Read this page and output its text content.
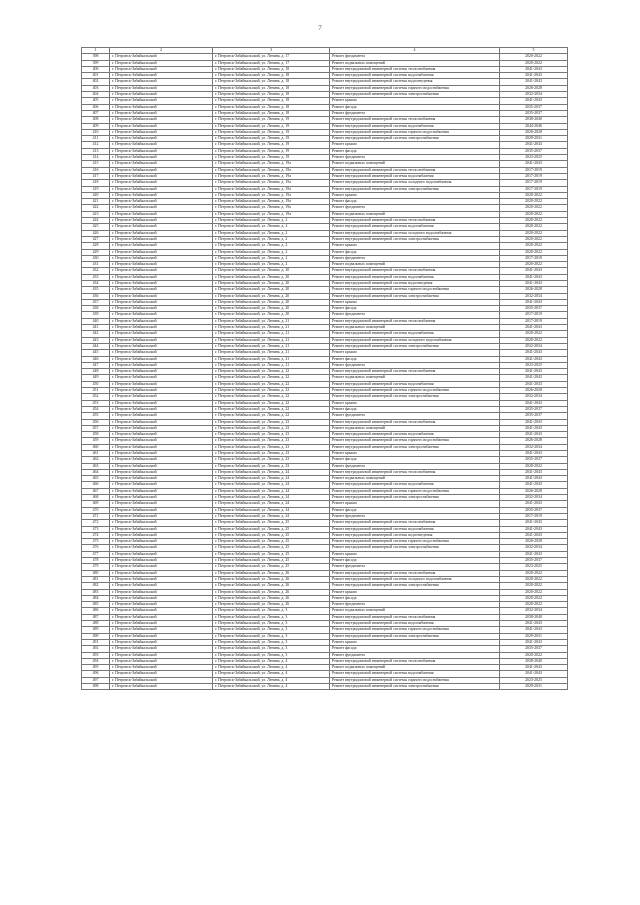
7
1	2	3	4	5
398	г. Петровск-Забайкальский	г. Петровск-Забайкальский, ул. Ленина, д. 17	Ремонт фундамента	2020-2022
399	г. Петровск-Забайкальский	г. Петровск-Забайкальский, ул. Ленина, д. 17	Ремонт подвальных помещений	2020-2022
400	г. Петровск-Забайкальский	г. Петровск-Забайкальский, ул. Ленина, д. 18	Ремонт внутридомовой инженерной системы теплоснабжения	2041-2043
401	г. Петровск-Забайкальский	г. Петровск-Забайкальский, ул. Ленина, д. 18	Ремонт внутридомовой инженерной системы водоснабжения	2041-2043
402	г. Петровск-Забайкальский	г. Петровск-Забайкальский, ул. Ленина, д. 18	Ремонт внутридомовой инженерной системы водоотведения	2041-2043
403	г. Петровск-Забайкальский	г. Петровск-Забайкальский, ул. Ленина, д. 18	Ремонт внутридомовой инженерной системы горячего водоснабжения	2026-2028
404	г. Петровск-Забайкальский	г. Петровск-Забайкальский, ул. Ленина, д. 18	Ремонт внутридомовой инженерной системы электроснабжения	2032-2034
405	г. Петровск-Забайкальский	г. Петровск-Забайкальский, ул. Ленина, д. 18	Ремонт крыши	2041-2043
406	г. Петровск-Забайкальский	г. Петровск-Забайкальский, ул. Ленина, д. 18	Ремонт фасада	2035-2037
407	г. Петровск-Забайкальский	г. Петровск-Забайкальский, ул. Ленина, д. 18	Ремонт фундамента	2035-2037
408	г. Петровск-Забайкальский	г. Петровск-Забайкальский, ул. Ленина, д. 19	Ремонт внутридомовой инженерной системы теплоснабжения	2038-2040
409	г. Петровск-Забайкальский	г. Петровск-Забайкальский, ул. Ленина, д. 19	Ремонт внутридомовой инженерной системы водоснабжения	2044-2046
410	г. Петровск-Забайкальский	г. Петровск-Забайкальский, ул. Ленина, д. 19	Ремонт внутридомовой инженерной системы горячего водоснабжения	2026-2028
411	г. Петровск-Забайкальский	г. Петровск-Забайкальский, ул. Ленина, д. 19	Ремонт внутридомовой инженерной системы электроснабжения	2029-2031
412	г. Петровск-Забайкальский	г. Петровск-Забайкальский, ул. Ленина, д. 19	Ремонт крыши	2041-2043
413	г. Петровск-Забайкальский	г. Петровск-Забайкальский, ул. Ленина, д. 19	Ремонт фасада	2035-2037
414	г. Петровск-Забайкальский	г. Петровск-Забайкальский, ул. Ленина, д. 19	Ремонт фундамента	2023-2025
415	г. Петровск-Забайкальский	г. Петровск-Забайкальский, ул. Ленина, д. 19а	Ремонт подвальных помещений	2041-2043
416	г. Петровск-Забайкальский	г. Петровск-Забайкальский, ул. Ленина, д. 19а	Ремонт внутридомовой инженерной системы теплоснабжения	2017-2019
417	г. Петровск-Забайкальский	г. Петровск-Забайкальский, ул. Ленина, д. 19а	Ремонт внутридомовой инженерной системы водоснабжения	2017-2019
418	г. Петровск-Забайкальский	г. Петровск-Забайкальский, ул. Ленина, д. 19а	Ремонт внутридомовой инженерной системы холодного водоснабжения	2017-2019
419	г. Петровск-Забайкальский	г. Петровск-Забайкальский, ул. Ленина, д. 19а	Ремонт внутридомовой инженерной системы электроснабжения	2017-2019
420	г. Петровск-Забайкальский	г. Петровск-Забайкальский, ул. Ленина, д. 19а	Ремонт крыши	2020-2022
421	г. Петровск-Забайкальский	г. Петровск-Забайкальский, ул. Ленина, д. 19а	Ремонт фасада	2020-2022
422	г. Петровск-Забайкальский	г. Петровск-Забайкальский, ул. Ленина, д. 19а	Ремонт фундамента	2020-2022
423	г. Петровск-Забайкальский	г. Петровск-Забайкальский, ул. Ленина, д. 19а	Ремонт подвальных помещений	2020-2022
424	г. Петровск-Забайкальский	г. Петровск-Забайкальский, ул. Ленина, д. 2	Ремонт внутридомовой инженерной системы теплоснабжения	2020-2022
425	г. Петровск-Забайкальский	г. Петровск-Забайкальский, ул. Ленина, д. 2	Ремонт внутридомовой инженерной системы водоснабжения	2020-2022
426	г. Петровск-Забайкальский	г. Петровск-Забайкальский, ул. Ленина, д. 2	Ремонт внутридомовой инженерной системы холодного водоснабжения	2020-2022
427	г. Петровск-Забайкальский	г. Петровск-Забайкальский, ул. Ленина, д. 2	Ремонт внутридомовой инженерной системы электроснабжения	2020-2022
428	г. Петровск-Забайкальский	г. Петровск-Забайкальский, ул. Ленина, д. 2	Ремонт крыши	2020-2022
429	г. Петровск-Забайкальский	г. Петровск-Забайкальский, ул. Ленина, д. 2	Ремонт фасада	2020-2022
430	г. Петровск-Забайкальский	г. Петровск-Забайкальский, ул. Ленина, д. 2	Ремонт фундамента	2017-2019
431	г. Петровск-Забайкальский	г. Петровск-Забайкальский, ул. Ленина, д. 2	Ремонт подвальных помещений	2020-2022
432	г. Петровск-Забайкальский	г. Петровск-Забайкальский, ул. Ленина, д. 20	Ремонт внутридомовой инженерной системы теплоснабжения	2041-2043
433	г. Петровск-Забайкальский	г. Петровск-Забайкальский, ул. Ленина, д. 20	Ремонт внутридомовой инженерной системы водоснабжения	2041-2043
434	г. Петровск-Забайкальский	г. Петровск-Забайкальский, ул. Ленина, д. 20	Ремонт внутридомовой инженерной системы водоотведения	2041-2043
435	г. Петровск-Забайкальский	г. Петровск-Забайкальский, ул. Ленина, д. 20	Ремонт внутридомовой инженерной системы горячего водоснабжения	2026-2028
436	г. Петровск-Забайкальский	г. Петровск-Забайкальский, ул. Ленина, д. 20	Ремонт внутридомовой инженерной системы электроснабжения	2032-2034
437	г. Петровск-Забайкальский	г. Петровск-Забайкальский, ул. Ленина, д. 20	Ремонт крыши	2041-2043
438	г. Петровск-Забайкальский	г. Петровск-Забайкальский, ул. Ленина, д. 20	Ремонт фасада	2035-2037
439	г. Петровск-Забайкальский	г. Петровск-Забайкальский, ул. Ленина, д. 20	Ремонт фундамента	2017-2019
440	г. Петровск-Забайкальский	г. Петровск-Забайкальский, ул. Ленина, д. 21	Ремонт внутридомовой инженерной системы теплоснабжения	2017-2019
441	г. Петровск-Забайкальский	г. Петровск-Забайкальский, ул. Ленина, д. 21	Ремонт подвальных помещений	2041-2043
442	г. Петровск-Забайкальский	г. Петровск-Забайкальский, ул. Ленина, д. 21	Ремонт внутридомовой инженерной системы водоснабжения	2020-2022
443	г. Петровск-Забайкальский	г. Петровск-Забайкальский, ул. Ленина, д. 21	Ремонт внутридомовой инженерной системы холодного водоснабжения	2020-2022
444	г. Петровск-Забайкальский	г. Петровск-Забайкальский, ул. Ленина, д. 21	Ремонт внутридомовой инженерной системы электроснабжения	2032-2034
445	г. Петровск-Забайкальский	г. Петровск-Забайкальский, ул. Ленина, д. 21	Ремонт крыши	2041-2043
446	г. Петровск-Забайкальский	г. Петровск-Забайкальский, ул. Ленина, д. 21	Ремонт фасада	2041-2043
447	г. Петровск-Забайкальский	г. Петровск-Забайкальский, ул. Ленина, д. 21	Ремонт фундамента	2023-2025
448	г. Петровск-Забайкальский	г. Петровск-Забайкальский, ул. Ленина, д. 22	Ремонт внутридомовой инженерной системы теплоснабжения	2041-2043
449	г. Петровск-Забайкальский	г. Петровск-Забайкальский, ул. Ленина, д. 22	Ремонт подвальных помещений	2041-2043
450	г. Петровск-Забайкальский	г. Петровск-Забайкальский, ул. Ленина, д. 22	Ремонт внутридомовой инженерной системы водоснабжения	2041-2043
451	г. Петровск-Забайкальский	г. Петровск-Забайкальский, ул. Ленина, д. 22	Ремонт внутридомовой инженерной системы горячего водоснабжения	2026-2028
452	г. Петровск-Забайкальский	г. Петровск-Забайкальский, ул. Ленина, д. 22	Ремонт внутридомовой инженерной системы электроснабжения	2032-2034
453	г. Петровск-Забайкальский	г. Петровск-Забайкальский, ул. Ленина, д. 22	Ремонт крыши	2041-2043
454	г. Петровск-Забайкальский	г. Петровск-Забайкальский, ул. Ленина, д. 22	Ремонт фасада	2035-2037
455	г. Петровск-Забайкальский	г. Петровск-Забайкальский, ул. Ленина, д. 22	Ремонт фундамента	2035-2037
456	г. Петровск-Забайкальский	г. Петровск-Забайкальский, ул. Ленина, д. 23	Ремонт внутридомовой инженерной системы теплоснабжения	2041-2043
457	г. Петровск-Забайкальский	г. Петровск-Забайкальский, ул. Ленина, д. 23	Ремонт подвальных помещений	2041-2043
458	г. Петровск-Забайкальский	г. Петровск-Забайкальский, ул. Ленина, д. 23	Ремонт внутридомовой инженерной системы водоснабжения	2041-2043
459	г. Петровск-Забайкальский	г. Петровск-Забайкальский, ул. Ленина, д. 23	Ремонт внутридомовой инженерной системы горячего водоснабжения	2026-2028
460	г. Петровск-Забайкальский	г. Петровск-Забайкальский, ул. Ленина, д. 23	Ремонт внутридомовой инженерной системы электроснабжения	2032-2034
461	г. Петровск-Забайкальский	г. Петровск-Забайкальский, ул. Ленина, д. 23	Ремонт крыши	2041-2043
462	г. Петровск-Забайкальский	г. Петровск-Забайкальский, ул. Ленина, д. 23	Ремонт фасада	2035-2037
463	г. Петровск-Забайкальский	г. Петровск-Забайкальский, ул. Ленина, д. 23	Ремонт фундамента	2020-2022
464	г. Петровск-Забайкальский	г. Петровск-Забайкальский, ул. Ленина, д. 24	Ремонт внутридомовой инженерной системы теплоснабжения	2041-2043
465	г. Петровск-Забайкальский	г. Петровск-Забайкальский, ул. Ленина, д. 24	Ремонт подвальных помещений	2041-2043
466	г. Петровск-Забайкальский	г. Петровск-Забайкальский, ул. Ленина, д. 24	Ремонт внутридомовой инженерной системы водоснабжения	2041-2043
467	г. Петровск-Забайкальский	г. Петровск-Забайкальский, ул. Ленина, д. 24	Ремонт внутридомовой инженерной системы горячего водоснабжения	2026-2028
468	г. Петровск-Забайкальский	г. Петровск-Забайкальский, ул. Ленина, д. 24	Ремонт внутридомовой инженерной системы электроснабжения	2032-2034
469	г. Петровск-Забайкальский	г. Петровск-Забайкальский, ул. Ленина, д. 24	Ремонт крыши	2041-2043
470	г. Петровск-Забайкальский	г. Петровск-Забайкальский, ул. Ленина, д. 24	Ремонт фасада	2035-2037
471	г. Петровск-Забайкальский	г. Петровск-Забайкальский, ул. Ленина, д. 24	Ремонт фундамента	2017-2019
472	г. Петровск-Забайкальский	г. Петровск-Забайкальский, ул. Ленина, д. 25	Ремонт внутридомовой инженерной системы теплоснабжения	2041-2043
473	г. Петровск-Забайкальский	г. Петровск-Забайкальский, ул. Ленина, д. 25	Ремонт внутридомовой инженерной системы водоснабжения	2041-2043
474	г. Петровск-Забайкальский	г. Петровск-Забайкальский, ул. Ленина, д. 25	Ремонт внутридомовой инженерной системы водоотведения	2041-2043
475	г. Петровск-Забайкальский	г. Петровск-Забайкальский, ул. Ленина, д. 25	Ремонт внутридомовой инженерной системы горячего водоснабжения	2026-2028
476	г. Петровск-Забайкальский	г. Петровск-Забайкальский, ул. Ленина, д. 25	Ремонт внутридомовой инженерной системы электроснабжения	2032-2034
477	г. Петровск-Забайкальский	г. Петровск-Забайкальский, ул. Ленина, д. 25	Ремонт крыши	2041-2043
478	г. Петровск-Забайкальский	г. Петровск-Забайкальский, ул. Ленина, д. 25	Ремонт фасада	2035-2037
479	г. Петровск-Забайкальский	г. Петровск-Забайкальский, ул. Ленина, д. 25	Ремонт фундамента	2023-2025
480	г. Петровск-Забайкальский	г. Петровск-Забайкальский, ул. Ленина, д. 26	Ремонт внутридомовой инженерной системы теплоснабжения	2020-2022
481	г. Петровск-Забайкальский	г. Петровск-Забайкальский, ул. Ленина, д. 26	Ремонт внутридомовой инженерной системы холодного водоснабжения	2020-2022
482	г. Петровск-Забайкальский	г. Петровск-Забайкальский, ул. Ленина, д. 26	Ремонт внутридомовой инженерной системы электроснабжения	2020-2022
483	г. Петровск-Забайкальский	г. Петровск-Забайкальский, ул. Ленина, д. 26	Ремонт крыши	2020-2022
484	г. Петровск-Забайкальский	г. Петровск-Забайкальский, ул. Ленина, д. 26	Ремонт фасада	2020-2022
485	г. Петровск-Забайкальский	г. Петровск-Забайкальский, ул. Ленина, д. 26	Ремонт фундамента	2020-2022
486	г. Петровск-Забайкальский	г. Петровск-Забайкальский, ул. Ленина, д. 3	Ремонт подвальных помещений	2032-2034
487	г. Петровск-Забайкальский	г. Петровск-Забайкальский, ул. Ленина, д. 3	Ремонт внутридомовой инженерной системы теплоснабжения	2038-2040
488	г. Петровск-Забайкальский	г. Петровск-Забайкальский, ул. Ленина, д. 3	Ремонт внутридомовой инженерной системы водоснабжения	2041-2043
489	г. Петровск-Забайкальский	г. Петровск-Забайкальский, ул. Ленина, д. 3	Ремонт внутридомовой инженерной системы горячего водоснабжения	2041-2043
490	г. Петровск-Забайкальский	г. Петровск-Забайкальский, ул. Ленина, д. 3	Ремонт внутридомовой инженерной системы электроснабжения	2029-2031
491	г. Петровск-Забайкальский	г. Петровск-Забайкальский, ул. Ленина, д. 3	Ремонт крыши	2041-2043
492	г. Петровск-Забайкальский	г. Петровск-Забайкальский, ул. Ленина, д. 3	Ремонт фасада	2035-2037
493	г. Петровск-Забайкальский	г. Петровск-Забайкальский, ул. Ленина, д. 3	Ремонт фундамента	2020-2022
494	г. Петровск-Забайкальский	г. Петровск-Забайкальский, ул. Ленина, д. 4	Ремонт внутридомовой инженерной системы теплоснабжения	2038-2040
495	г. Петровск-Забайкальский	г. Петровск-Забайкальский, ул. Ленина, д. 4	Ремонт подвальных помещений	2041-2043
496	г. Петровск-Забайкальский	г. Петровск-Забайкальский, ул. Ленина, д. 4	Ремонт внутридомовой инженерной системы водоснабжения	2041-2043
497	г. Петровск-Забайкальский	г. Петровск-Забайкальский, ул. Ленина, д. 4	Ремонт внутридомовой инженерной системы горячего водоснабжения	2023-2025
498	г. Петровск-Забайкальский	г. Петровск-Забайкальский, ул. Ленина, д. 4	Ремонт внутридомовой инженерной системы электроснабжения	2029-2031
